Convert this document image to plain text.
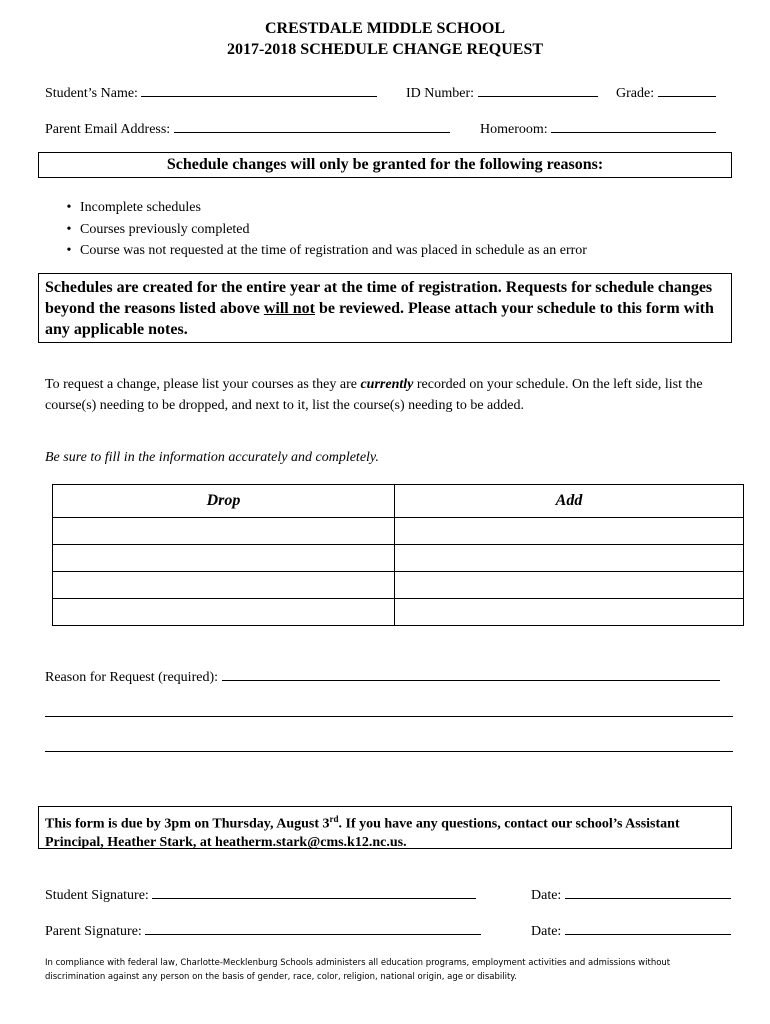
CRESTDALE MIDDLE SCHOOL
2017-2018 SCHEDULE CHANGE REQUEST
Student’s Name:	ID Number:	Grade:
Parent Email Address:	Homeroom:
Schedule changes will only be granted for the following reasons:
• Incomplete schedules
• Courses previously completed
• Course was not requested at the time of registration and was placed in schedule as an error
Schedules are created for the entire year at the time of registration. Requests for schedule changes beyond the reasons listed above will not be reviewed. Please attach your schedule to this form with any applicable notes.
To request a change, please list your courses as they are currently recorded on your schedule. On the left side, list the course(s) needing to be dropped, and next to it, list the course(s) needing to be added.
Be sure to fill in the information accurately and completely.
Drop	Add

Reason for Request (required):
This form is due by 3pm on Thursday, August 3rd. If you have any questions, contact our school’s Assistant Principal, Heather Stark, at heatherm.stark@cms.k12.nc.us.
Student Signature:	Date:
Parent Signature:	Date:
In compliance with federal law, Charlotte-Mecklenburg Schools administers all education programs, employment activities and admissions without discrimination against any person on the basis of gender, race, color, religion, national origin, age or disability.
